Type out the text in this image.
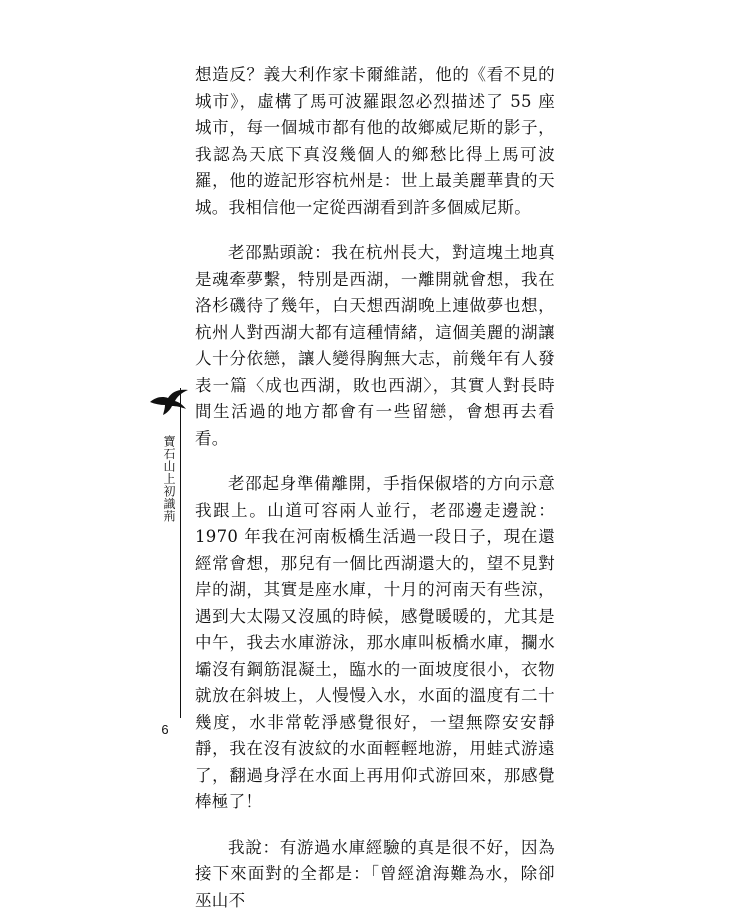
想造反？義大利作家卡爾維諾，他的《看不見的城市》，虛構了馬可波羅跟忽必烈描述了 55 座城市，每一個城市都有他的故鄉威尼斯的影子，我認為天底下真沒幾個人的鄉愁比得上馬可波羅，他的遊記形容杭州是：世上最美麗華貴的天城。我相信他一定從西湖看到許多個威尼斯。

老邵點頭說：我在杭州長大，對這塊土地真是魂牽夢繫，特別是西湖，一離開就會想，我在洛杉磯待了幾年，白天想西湖晚上連做夢也想，杭州人對西湖大都有這種情緒，這個美麗的湖讓人十分依戀，讓人變得胸無大志，前幾年有人發表一篇〈成也西湖，敗也西湖〉，其實人對長時間生活過的地方都會有一些留戀，會想再去看看。

老邵起身準備離開，手指保俶塔的方向示意我跟上。山道可容兩人並行，老邵邊走邊說：1970 年我在河南板橋生活過一段日子，現在還經常會想，那兒有一個比西湖還大的，望不見對岸的湖，其實是座水庫，十月的河南天有些涼，遇到大太陽又沒風的時候，感覺暖暖的，尤其是中午，我去水庫游泳，那水庫叫板橋水庫，攔水壩沒有鋼筋混凝土，臨水的一面坡度很小，衣物就放在斜坡上，人慢慢入水，水面的溫度有二十幾度，水非常乾淨感覺很好，一望無際安安靜靜，我在沒有波紋的水面輕輕地游，用蛙式游遠了，翻過身浮在水面上再用仰式游回來，那感覺棒極了！

我說：有游過水庫經驗的真是很不好，因為接下來面對的全都是：「曾經滄海難為水，除卻巫山不

寶石山上初識荊
6
